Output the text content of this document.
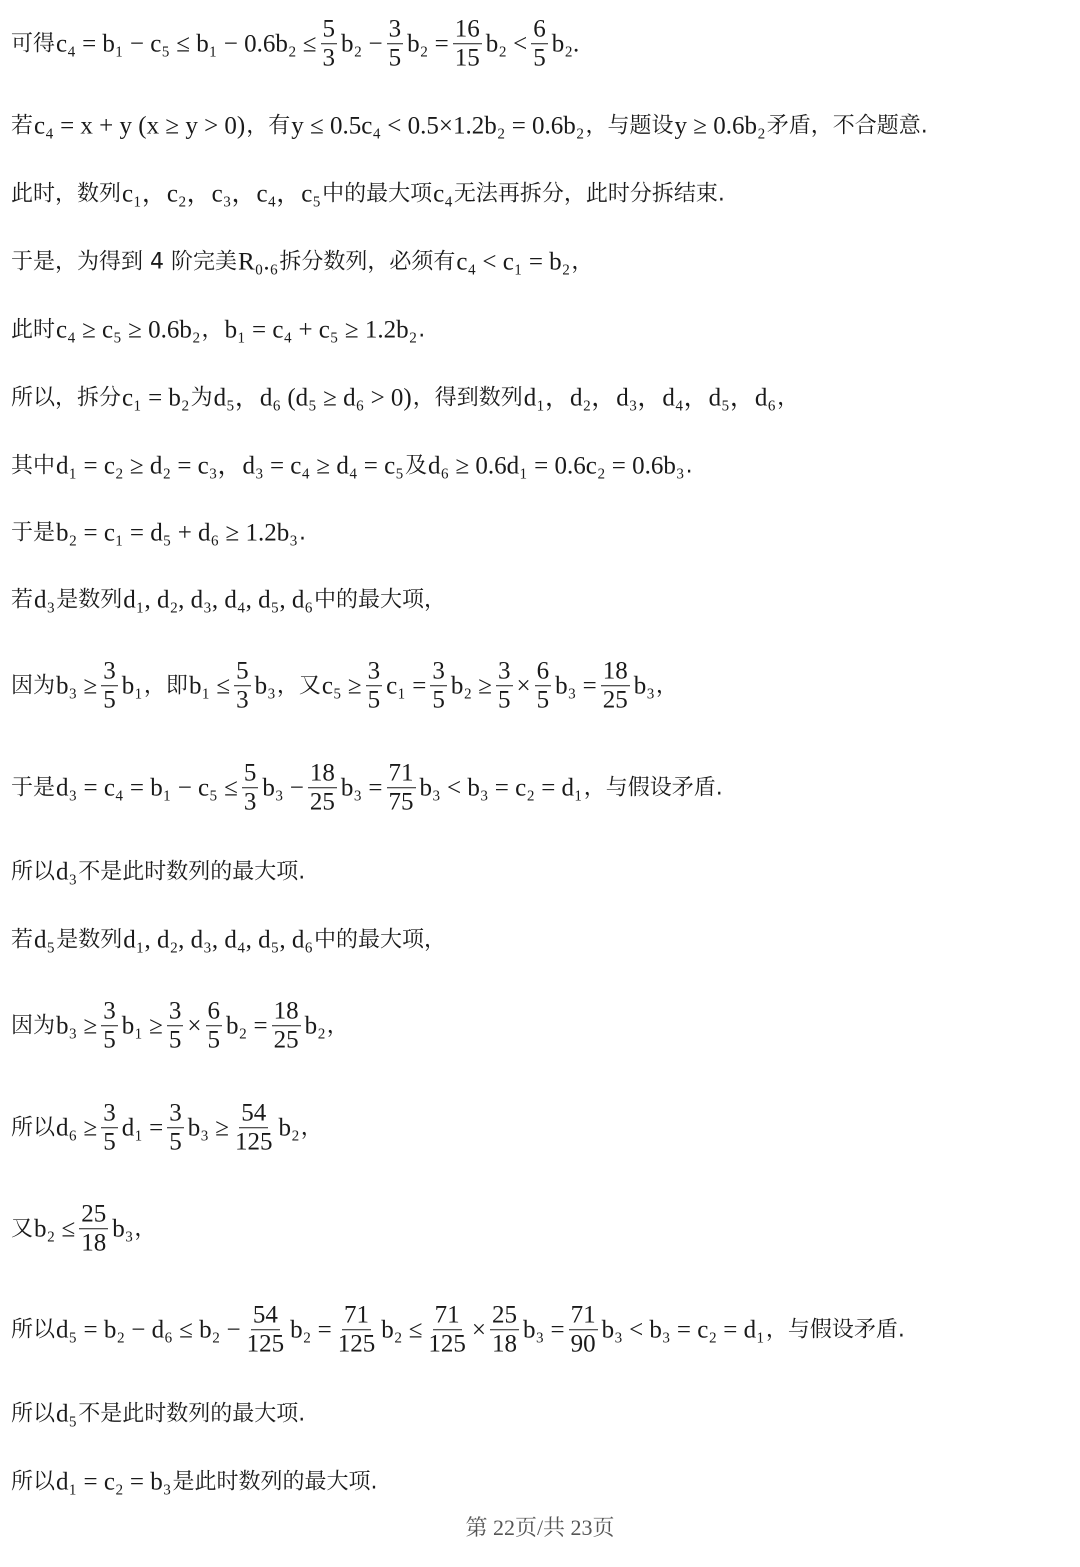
可得 $c_4 = b_1 - c_5 \le b_1 - 0.6b_2 \le \frac{5}{3} b_2 - \frac{3}{5} b_2 = \frac{16}{15} b_2 < \frac{6}{5} b_2$.
若 c₄ = x + y (x ≥ y > 0) ，有 y ≤ 0.5c₄ < 0.5×1.2b₂ = 0.6b₂ ，与题设 y ≥ 0.6b₂ 矛盾，不合题意.
此时，数列 c₁，c₂，c₃，c₄，c₅ 中的最大项 c₄ 无法再拆分，此时分拆结束.
于是，为得到 4 阶完美 R₀.₆ 拆分数列，必须有 c₄ < c₁ = b₂ ，
此时 c₄ ≥ c₅ ≥ 0.6b₂ ， b₁ = c₄ + c₅ ≥ 1.2b₂ .
所以，拆分 c₁ = b₂ 为 d₅，d₆ (d₅ ≥ d₆ > 0) ，得到数列 d₁，d₂，d₃，d₄，d₅，d₆ ，
其中 d₁ = c₂ ≥ d₂ = c₃，d₃ = c₄ ≥ d₄ = c₅ 及 d₆ ≥ 0.6d₁ = 0.6c₂ = 0.6b₃ .
于是 b₂ = c₁ = d₅ + d₆ ≥ 1.2b₃ .
若 d₃ 是数列 d₁, d₂, d₃, d₄, d₅, d₆ 中的最大项，
因为 $b_3 \ge \frac{3}{5} b_1$ ，即 $b_1 \le \frac{5}{3} b_3$ ，又 $c_5 \ge \frac{3}{5} c_1 = \frac{3}{5} b_2 \ge \frac{3}{5} \times \frac{6}{5} b_3 = \frac{18}{25} b_3$ ，
于是 $d_3 = c_4 = b_1 - c_5 \le \frac{5}{3} b_3 - \frac{18}{25} b_3 = \frac{71}{75} b_3 < b_3 = c_2 = d_1$ ，与假设矛盾.
所以 d₃ 不是此时数列的最大项.
若 d₅ 是数列 d₁, d₂, d₃, d₄, d₅, d₆ 中的最大项，
因为 $b_3 \ge \frac{3}{5} b_1 \ge \frac{3}{5} \times \frac{6}{5} b_2 = \frac{18}{25} b_2$ ，
所以 $d_6 \ge \frac{3}{5} d_1 = \frac{3}{5} b_3 \ge \frac{54}{125} b_2$ ，
又 $b_2 \le \frac{25}{18} b_3$ ，
所以 $d_5 = b_2 - d_6 \le b_2 - \frac{54}{125} b_2 = \frac{71}{125} b_2 \le \frac{71}{125} \times \frac{25}{18} b_3 = \frac{71}{90} b_3 < b_3 = c_2 = d_1$ ，与假设矛盾.
所以 d₅ 不是此时数列的最大项.
所以 d₁ = c₂ = b₃ 是此时数列的最大项.
第 22页/共 23页
